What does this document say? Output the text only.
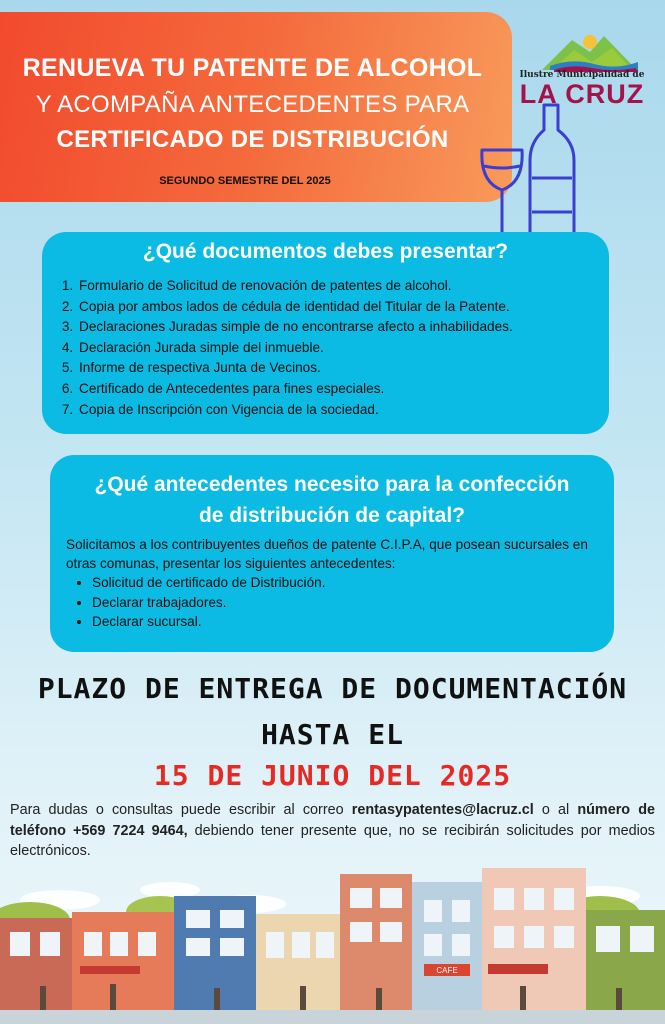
RENUEVA TU PATENTE DE ALCOHOL
Y ACOMPAÑA ANTECEDENTES PARA
CERTIFICADO DE DISTRIBUCIÓN
SEGUNDO SEMESTRE DEL 2025
Ilustre Municipalidad de
LA CRUZ
¿Qué documentos debes presentar?
1. Formulario de Solicitud de renovación de patentes de alcohol.
2. Copia por ambos lados de cédula de identidad del Titular de la Patente.
3. Declaraciones Juradas simple de no encontrarse afecto a inhabilidades.
4. Declaración Jurada simple del inmueble.
5. Informe de respectiva Junta de Vecinos.
6. Certificado de Antecedentes para fines especiales.
7. Copia de Inscripción con Vigencia de la sociedad.
¿Qué antecedentes necesito para la confección
de distribución de capital?
Solicitamos a los contribuyentes dueños de patente C.I.P.A, que posean sucursales en otras comunas, presentar los siguientes antecedentes:
• Solicitud de certificado de Distribución.
• Declarar trabajadores.
• Declarar sucursal.
PLAZO DE ENTREGA DE DOCUMENTACIÓN
HASTA EL
15 DE JUNIO DEL 2025
Para dudas o consultas puede escribir al correo rentasypatentes@lacruz.cl o al número de teléfono +569 7224 9464, debiendo tener presente que, no se recibirán solicitudes por medios electrónicos.
CAFE
